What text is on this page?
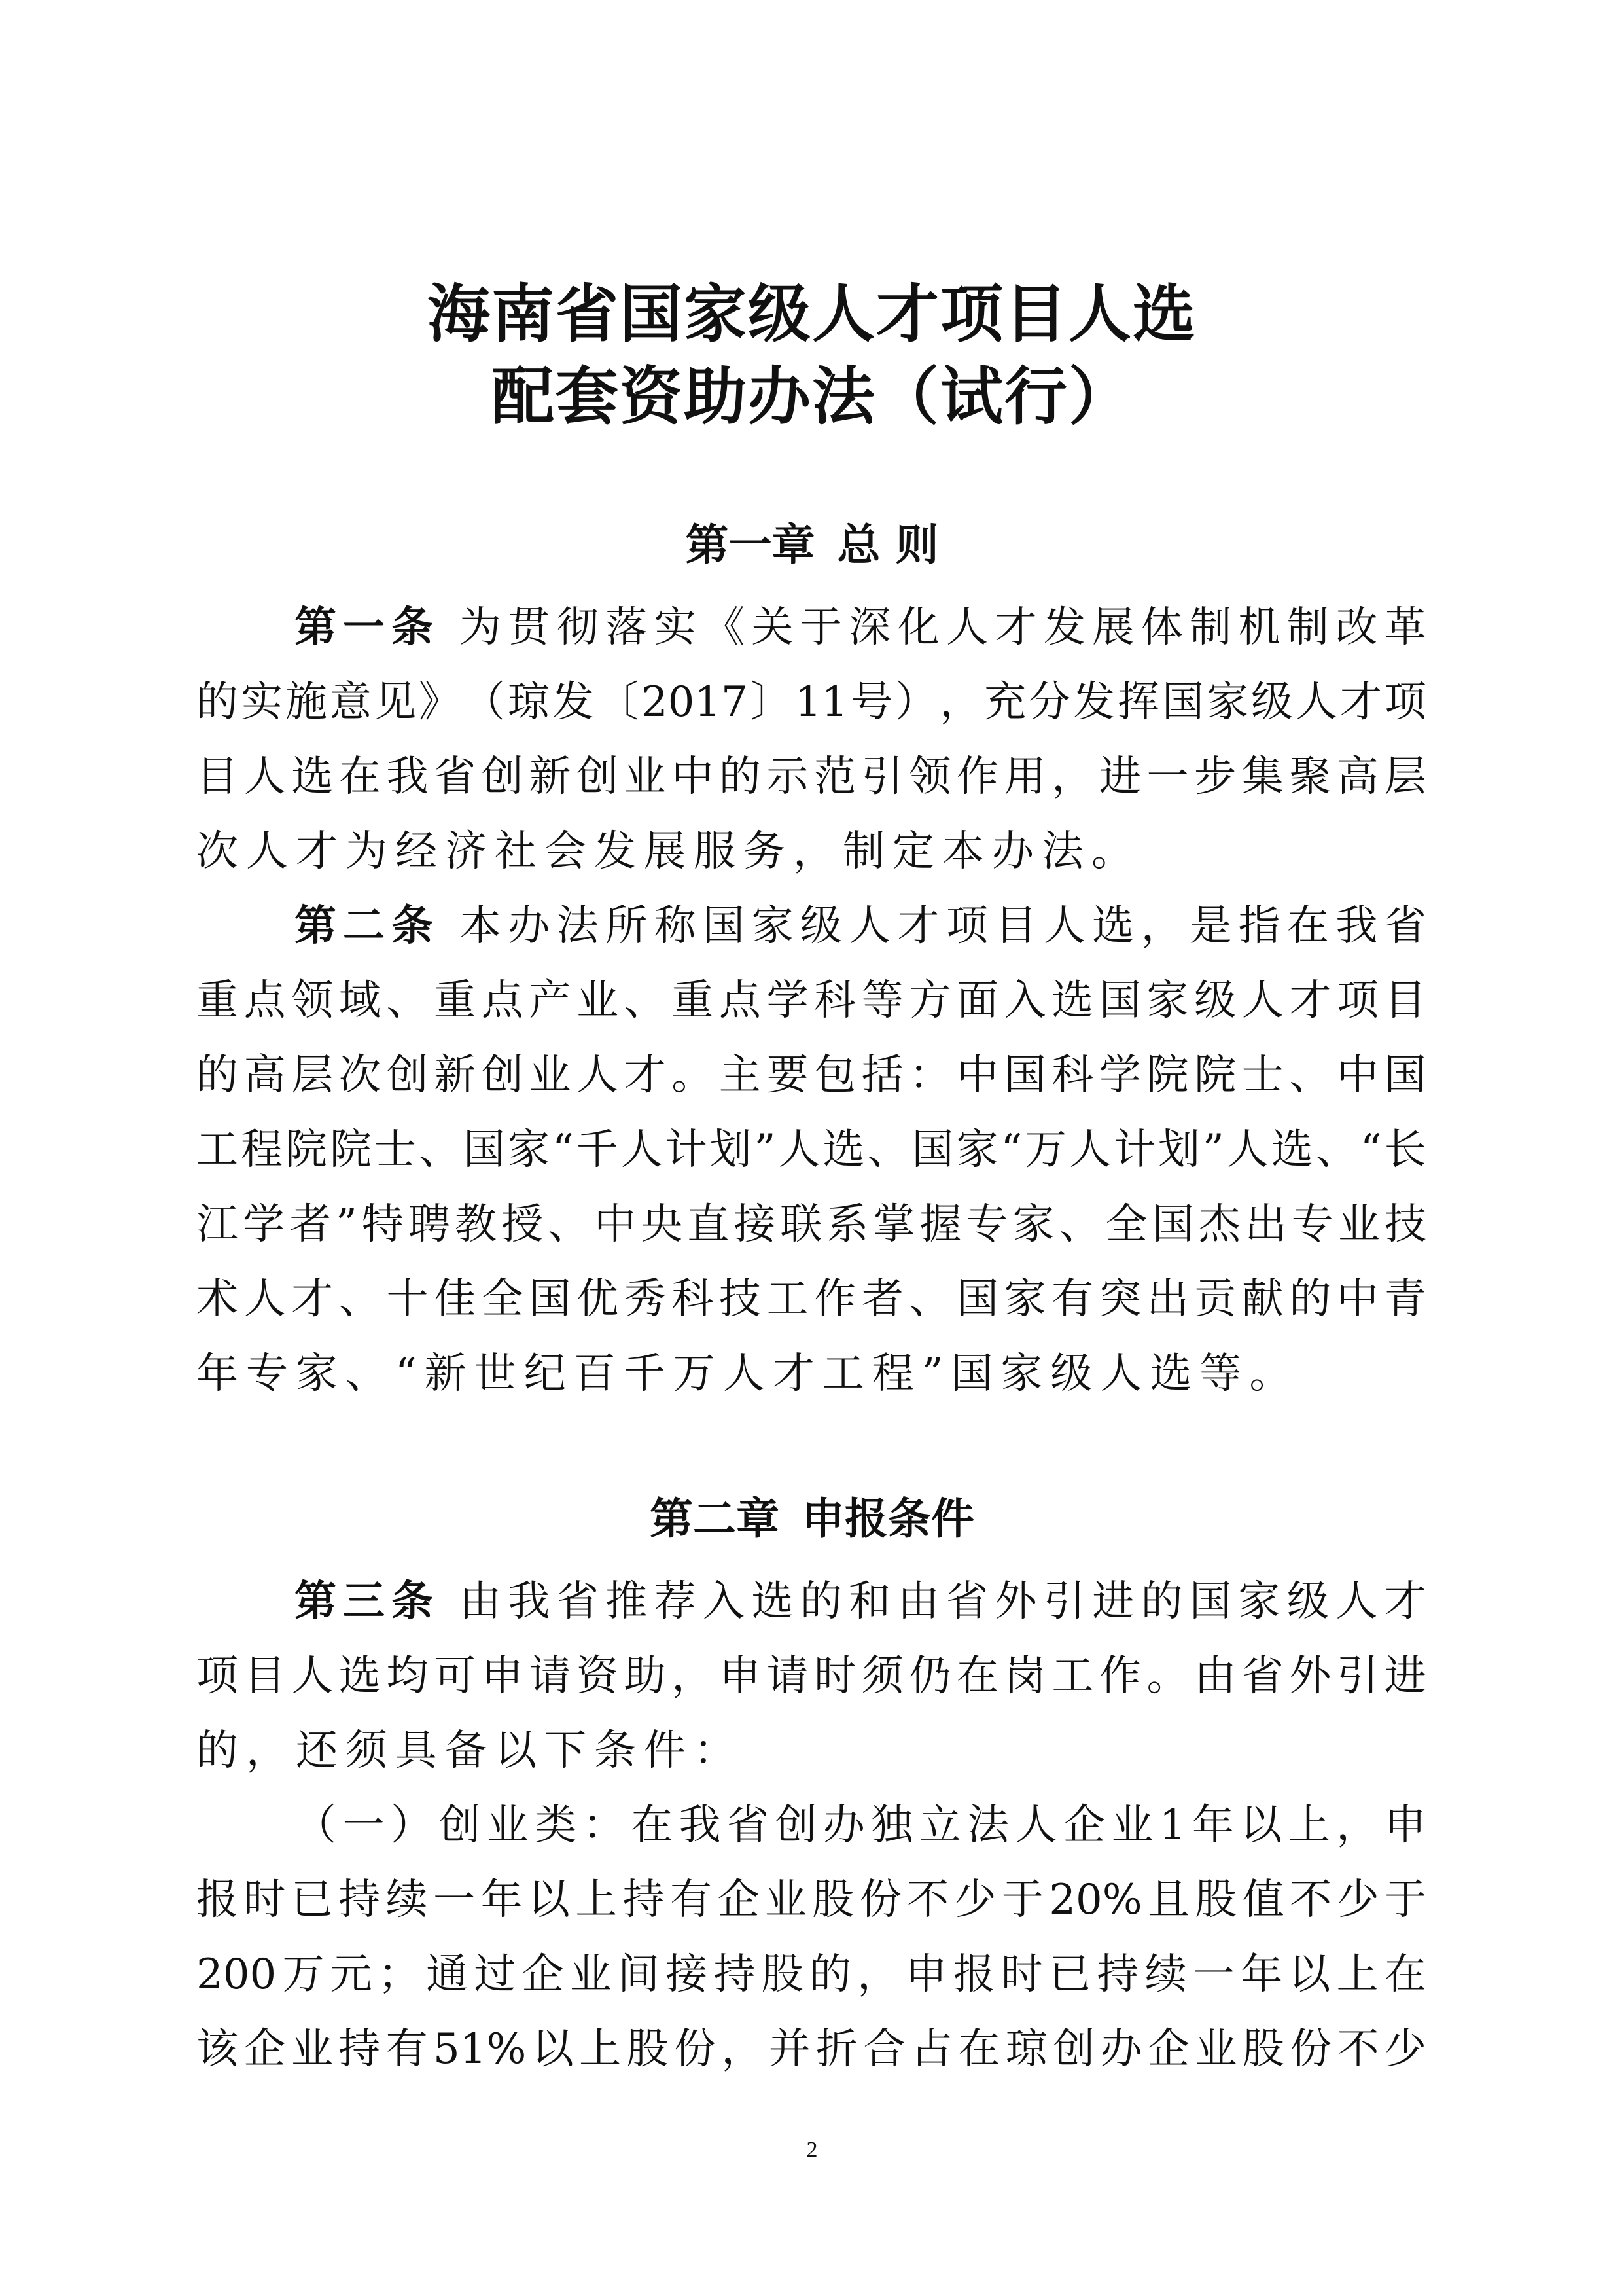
海南省国家级人才项目人选
配套资助办法（试行）
第一章 总 则
第一条 为 贯 彻 落 实 《 关 于 深 化 人 才 发 展 体 制 机 制 改 革
的 实 施 意 见 》 （ 琼 发 〔 2017 〕 11 号 ） ， 充 分 发 挥 国 家 级 人 才 项
目 人 选 在 我 省 创 新 创 业 中 的 示 范 引 领 作 用 ， 进 一 步 集 聚 高 层
次人才为经济社会发展服务，制定本办法。
第二条 本 办 法 所 称 国 家 级 人 才 项 目 人 选 ， 是 指 在 我 省
重 点 领 域 、 重 点 产 业 、 重 点 学 科 等 方 面 入 选 国 家 级 人 才 项 目
的 高 层 次 创 新 创 业 人 才 。 主 要 包 括 ： 中 国 科 学 院 院 士 、 中 国
工 程 院 院 士 、 国 家 “ 千 人 计 划 ” 人 选 、 国 家 “ 万 人 计 划 ” 人 选 、 “ 长
江 学 者 ” 特 聘 教 授 、 中 央 直 接 联 系 掌 握 专 家 、 全 国 杰 出 专 业 技
术 人 才 、 十 佳 全 国 优 秀 科 技 工 作 者 、 国 家 有 突 出 贡 献 的 中 青
年专家、“新世纪百千万人才工程”国家级人选等。
第二章 申报条件
第三条 由 我 省 推 荐 入 选 的 和 由 省 外 引 进 的 国 家 级 人 才
项 目 人 选 均 可 申 请 资 助 ， 申 请 时 须 仍 在 岗 工 作 。 由 省 外 引 进
的，还须具备以下条件：
（ 一 ） 创 业 类 ： 在 我 省 创 办 独 立 法 人 企 业 1 年 以 上 ， 申
报 时 已 持 续 一 年 以 上 持 有 企 业 股 份 不 少 于 20% 且 股 值 不 少 于
200 万 元 ； 通 过 企 业 间 接 持 股 的 ， 申 报 时 已 持 续 一 年 以 上 在
该 企 业 持 有 51% 以 上 股 份 ， 并 折 合 占 在 琼 创 办 企 业 股 份 不 少
2
